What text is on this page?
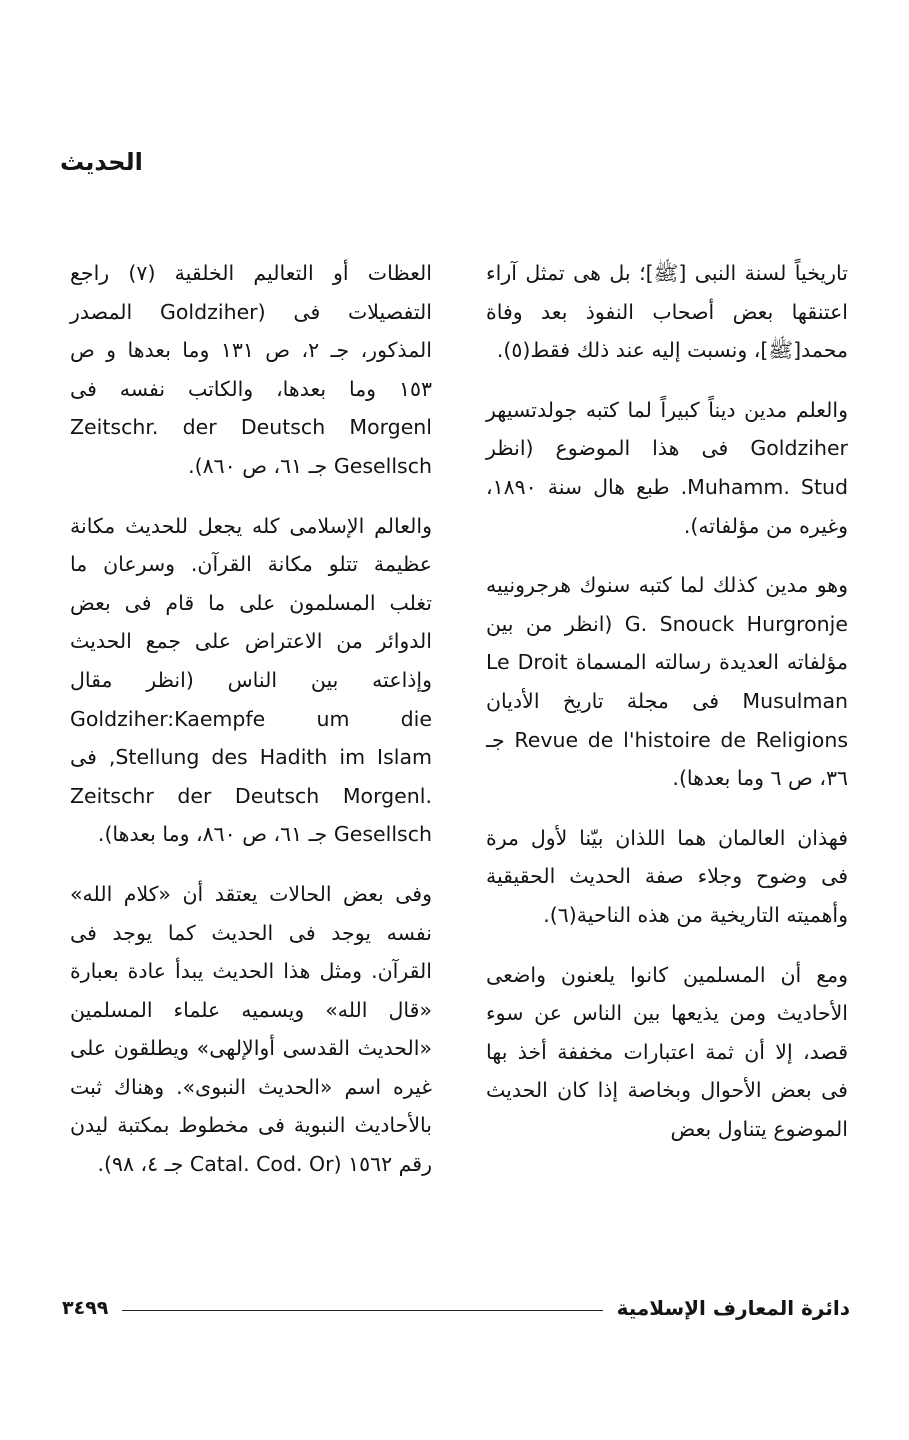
الحديث

تاريخياً لسنة النبى [ﷺ]؛ بل هى تمثل آراء اعتنقها بعض أصحاب النفوذ بعد وفاة محمد[ﷺ]، ونسبت إليه عند ذلك فقط(٥).

والعلم مدين ديناً كبيراً لما كتبه جولدتسيهر Goldziher فى هذا الموضوع (انظر Muhamm. Stud. طبع هال سنة ١٨٩٠، وغيره من مؤلفاته).

وهو مدين كذلك لما كتبه سنوك هرجرونييه G. Snouck Hurgronje (انظر من بين مؤلفاته العديدة رسالته المسماة Le Droit Musulman فى مجلة تاريخ الأديان Revue de l'histoire de Religions جـ ٣٦، ص ٦ وما بعدها).

فهذان العالمان هما اللذان بيّنا لأول مرة فى وضوح وجلاء صفة الحديث الحقيقية وأهميته التاريخية من هذه الناحية(٦).

ومع أن المسلمين كانوا يلعنون واضعى الأحاديث ومن يذيعها بين الناس عن سوء قصد، إلا أن ثمة اعتبارات مخففة أخذ بها فى بعض الأحوال وبخاصة إذا كان الحديث الموضوع يتناول بعض

العظات أو التعاليم الخلقية (٧) راجع التفصيلات فى (Goldziher المصدر المذكور، جـ ٢، ص ١٣١ وما بعدها و ص ١٥٣ وما بعدها، والكاتب نفسه فى Zeitschr. der Deutsch Morgenl Gesellsch جـ ٦١، ص ٨٦٠).

والعالم الإسلامى كله يجعل للحديث مكانة عظيمة تتلو مكانة القرآن. وسرعان ما تغلب المسلمون على ما قام فى بعض الدوائر من الاعتراض على جمع الحديث وإذاعته بين الناس (انظر مقال Goldziher:Kaempfe um die Stellung des Hadith im Islam, فى Zeitschr der Deutsch Morgenl. Gesellsch جـ ٦١، ص ٨٦٠، وما بعدها).

وفى بعض الحالات يعتقد أن «كلام الله» نفسه يوجد فى الحديث كما يوجد فى القرآن. ومثل هذا الحديث يبدأ عادة بعبارة «قال الله» ويسميه علماء المسلمين «الحديث القدسى أوالإلهى» ويطلقون على غيره اسم «الحديث النبوى». وهناك ثبت بالأحاديث النبوية فى مخطوط بمكتبة ليدن رقم ١٥٦٢ (Catal. Cod. Or جـ ٤، ٩٨).

دائرة المعارف الإسلامية
٣٤٩٩
